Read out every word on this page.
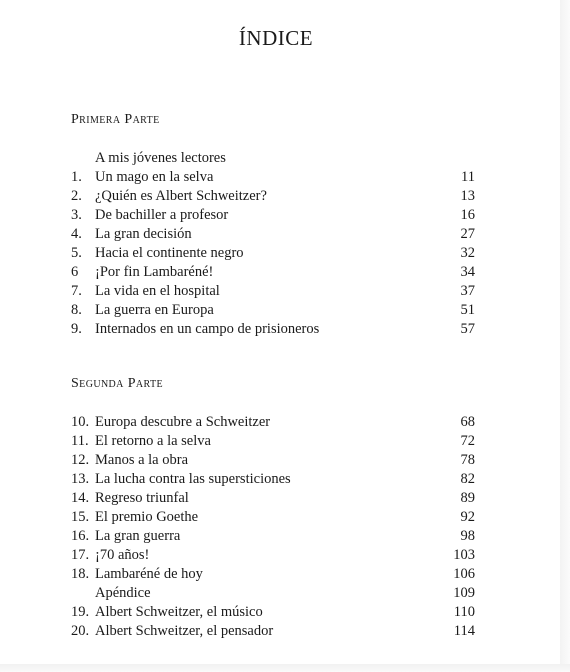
ÍNDICE
Primera Parte
A mis jóvenes lectores
1. Un mago en la selva	11
2. ¿Quién es Albert Schweitzer?	13
3. De bachiller a profesor	16
4. La gran decisión	27
5. Hacia el continente negro	32
6	¡Por fin Lambaréné!	34
7. La vida en el hospital	37
8. La guerra en Europa	51
9. Internados en un campo de prisioneros	57
Segunda Parte
10. Europa descubre a Schweitzer	68
11. El retorno a la selva	72
12. Manos a la obra	78
13. La lucha contra las supersticiones	82
14. Regreso triunfal	89
15. El premio Goethe	92
16. La gran guerra	98
17. ¡70 años!	103
18. Lambaréné de hoy	106
Apéndice	109
19. Albert Schweitzer, el músico	110
20. Albert Schweitzer, el pensador	114
